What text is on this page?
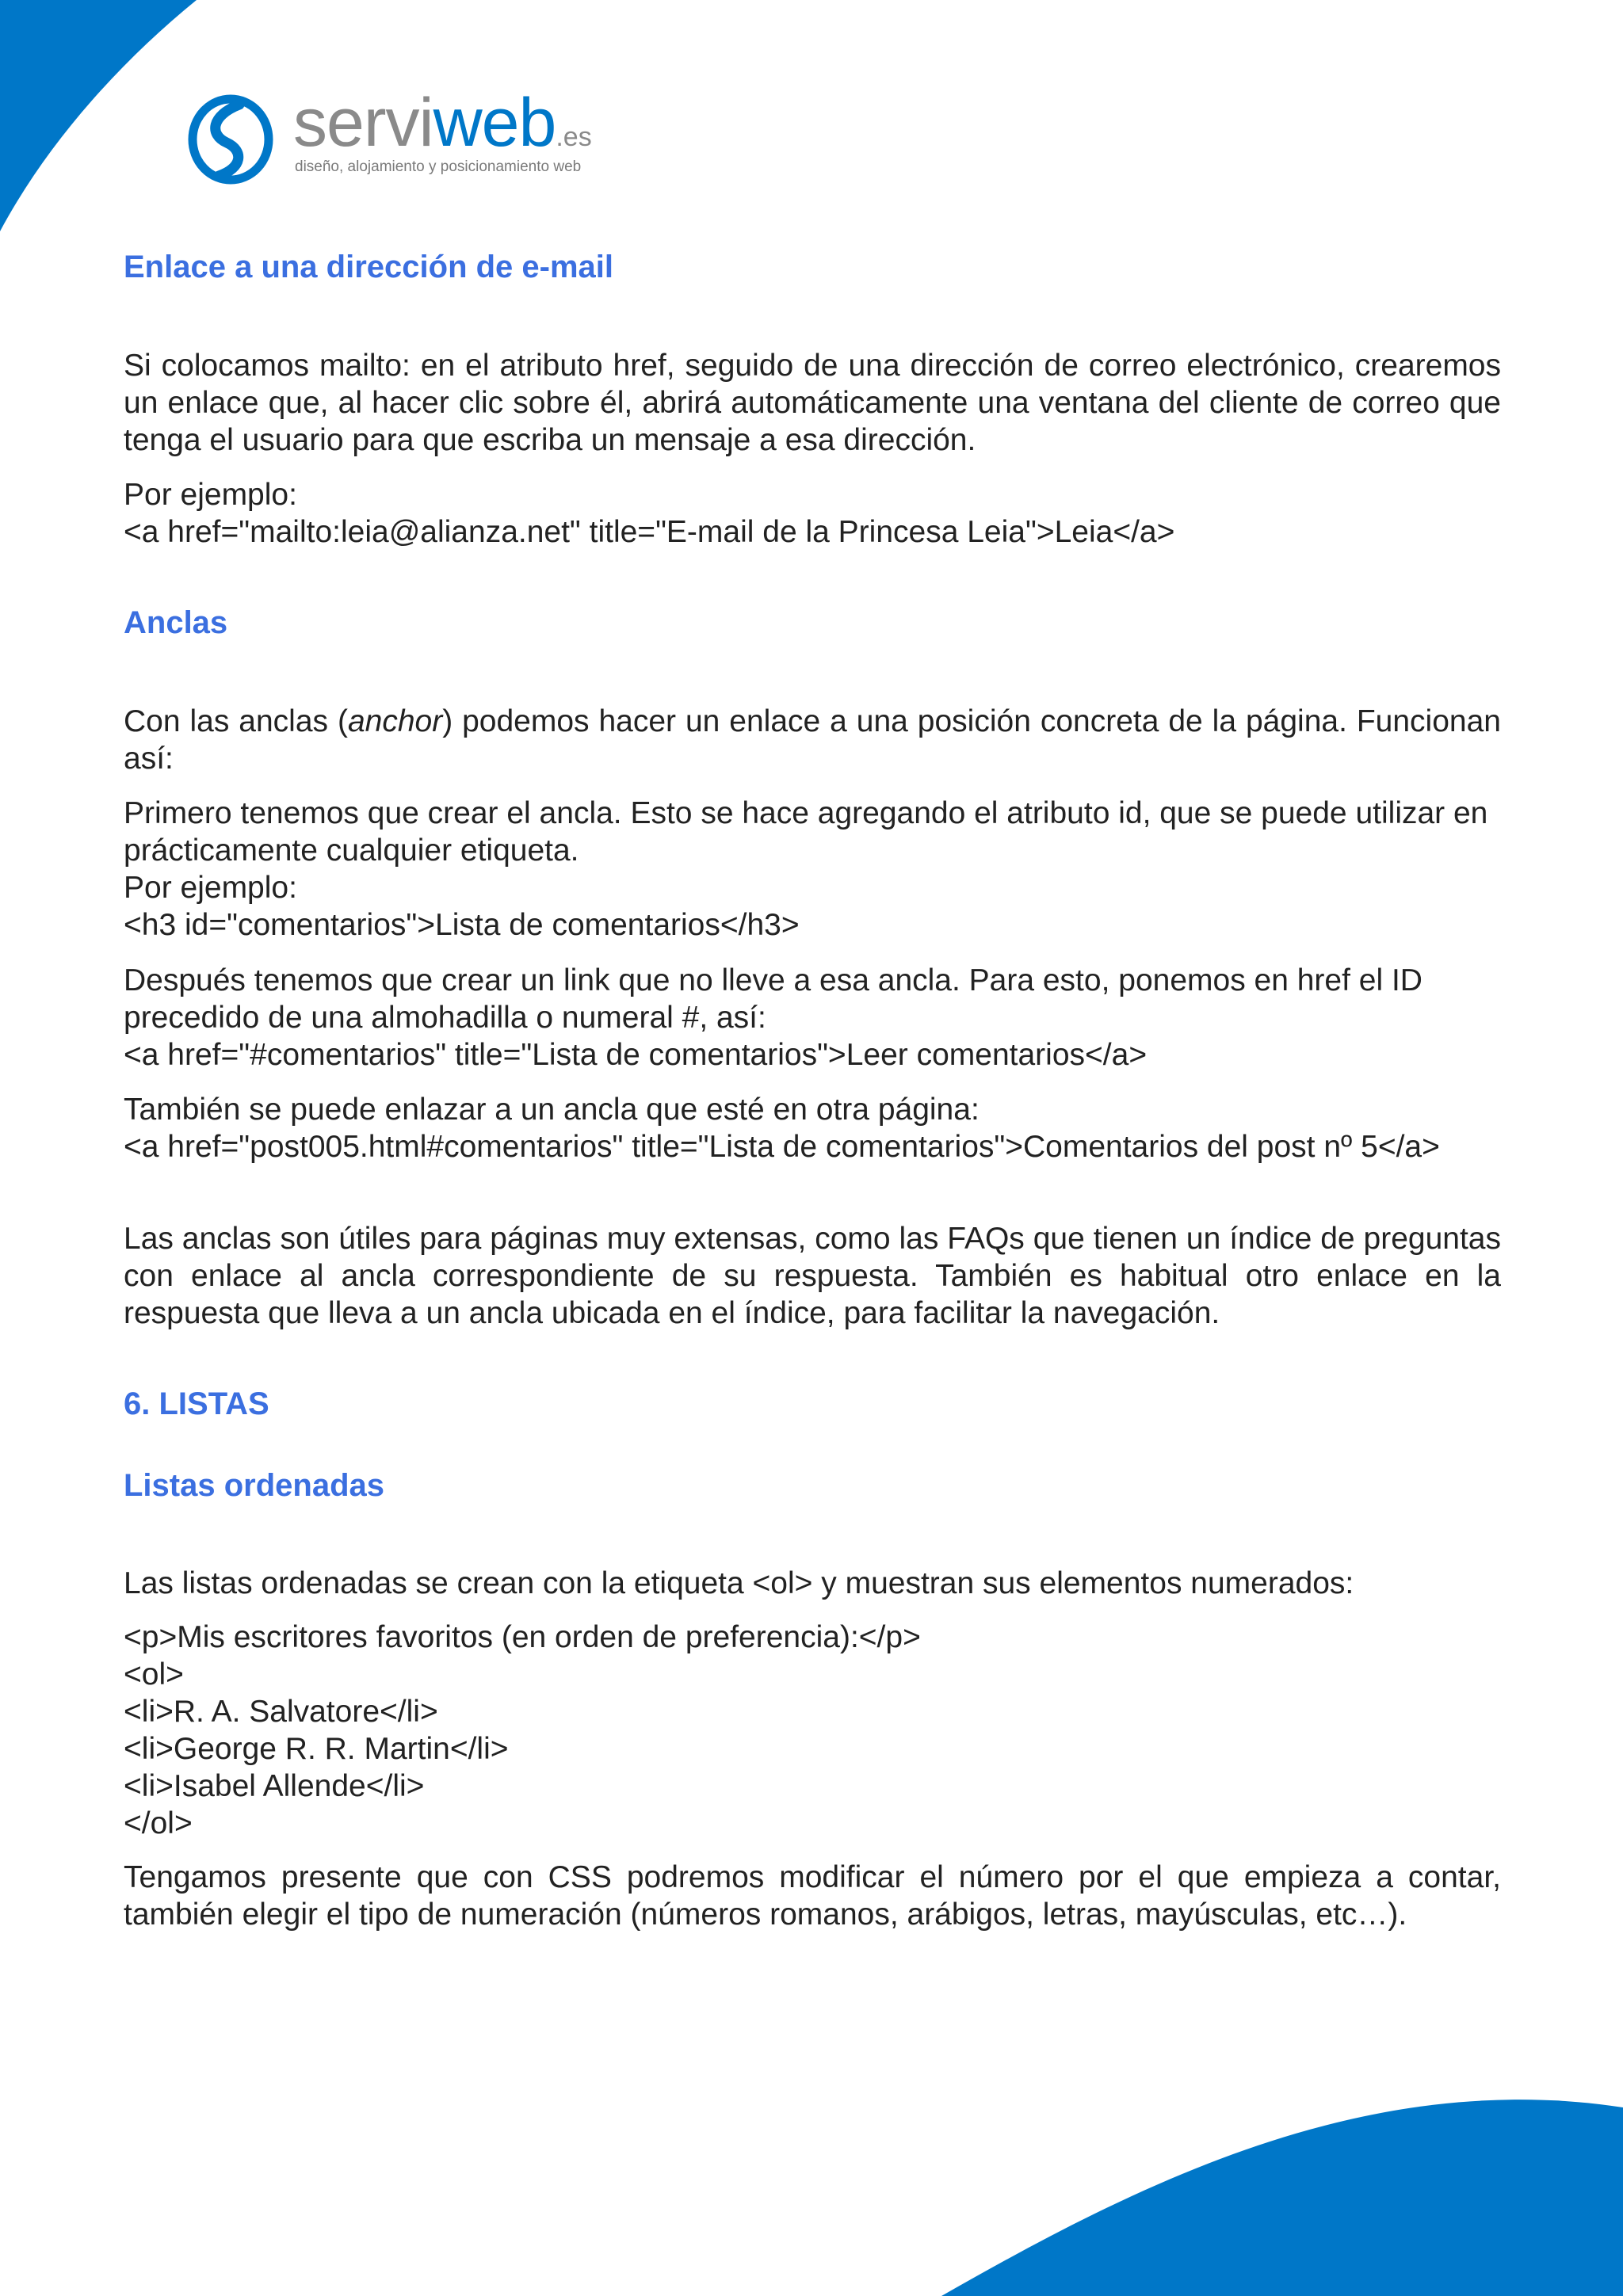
serviweb.es
diseño, alojamiento y posicionamiento web
Enlace a una dirección de e-mail

Si colocamos mailto: en el atributo href, seguido de una dirección de correo electrónico, crearemos un enlace que, al hacer clic sobre él, abrirá automáticamente una ventana del cliente de correo que tenga el usuario para que escriba un mensaje a esa dirección.

Por ejemplo:
<a href="mailto:leia@alianza.net" title="E-mail de la Princesa Leia">Leia</a>

Anclas

Con las anclas (anchor) podemos hacer un enlace a una posición concreta de la página. Funcionan así:

Primero tenemos que crear el ancla. Esto se hace agregando el atributo id, que se puede utilizar en prácticamente cualquier etiqueta.
Por ejemplo:
<h3 id="comentarios">Lista de comentarios</h3>

Después tenemos que crear un link que no lleve a esa ancla. Para esto, ponemos en href el ID precedido de una almohadilla o numeral #, así:
<a href="#comentarios" title="Lista de comentarios">Leer comentarios</a>

También se puede enlazar a un ancla que esté en otra página:
<a href="post005.html#comentarios" title="Lista de comentarios">Comentarios del post nº 5</a>

Las anclas son útiles para páginas muy extensas, como las FAQs que tienen un índice de preguntas con enlace al ancla correspondiente de su respuesta. También es habitual otro enlace en la respuesta que lleva a un ancla ubicada en el índice, para facilitar la navegación.

6. LISTAS
Listas ordenadas

Las listas ordenadas se crean con la etiqueta <ol> y muestran sus elementos numerados:

<p>Mis escritores favoritos (en orden de preferencia):</p>
<ol>
<li>R. A. Salvatore</li>
<li>George R. R. Martin</li>
<li>Isabel Allende</li>
</ol>

Tengamos presente que con CSS podremos modificar el número por el que empieza a contar, también elegir el tipo de numeración (números romanos, arábigos, letras, mayúsculas, etc…).
